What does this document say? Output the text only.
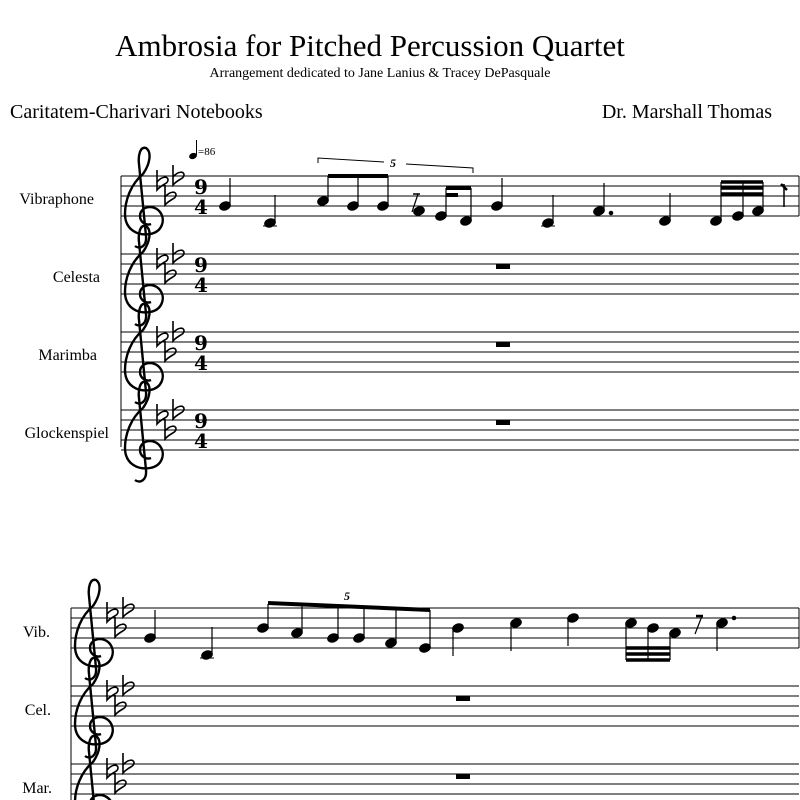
Ambrosia for Pitched Percussion Quartet
Arrangement dedicated to Jane Lanius & Tracey DePasquale
Caritatem-Charivari Notebooks	Dr. Marshall Thomas
Vibraphone
Celesta
Marimba
Glockenspiel
Vib.
Cel.
Mar.
=86
9
4
9
4
9
4
9
4
5
5
